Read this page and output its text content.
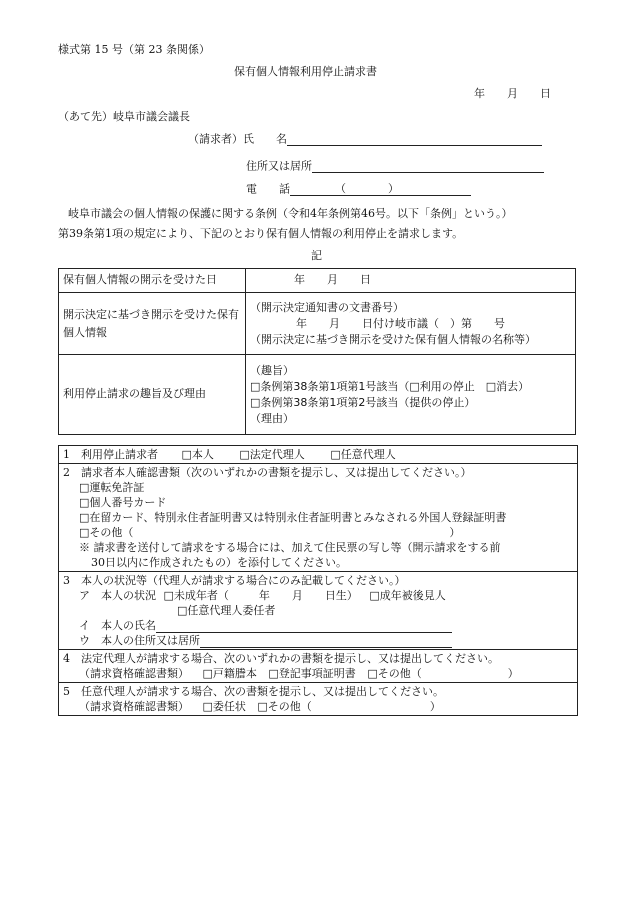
様式第 15 号（第 23 条関係）
保有個人情報利用停止請求書
年　　月　　日
（あて先）岐阜市議会議長
（請求者）氏　　名
住所又は居所
電　　話	（	）
岐阜市議会の個人情報の保護に関する条例（令和4年条例第46号。以下「条例」という。）
第39条第1項の規定により、下記のとおり保有個人情報の利用停止を請求します。
記
保有個人情報の開示を受けた日	年　　月　　日
開示決定に基づき開示を受けた保有個人情報	（開示決定通知書の文書番号）
年　　月　　日付け岐市議（　）第　　号
（開示決定に基づき開示を受けた保有個人情報の名称等）

利用停止請求の趣旨及び理由	（趣旨）
□条例第38条第1項第1号該当（□利用の停止　□消去）
□条例第38条第1項第2号該当（提供の停止）
（理由）
1　利用停止請求者 □本人 □法定代理人 □任意代理人
2　請求者本人確認書類（次のいずれかの書類を提示し、又は提出してください。）
□運転免許証
□個人番号カード
□在留カード、特別永住者証明書又は特別永住者証明書とみなされる外国人登録証明書
□その他（	）
※ 請求書を送付して請求をする場合には、加えて住民票の写し等（開示請求をする前
30日以内に作成されたもの）を添付してください。
3　本人の状況等（代理人が請求する場合にのみ記載してください。）
ア　本人の状況 □未成年者（	年　　月　　日生） □成年被後見人
□任意代理人委任者
イ　本人の氏名
ウ　本人の住所又は居所
4　法定代理人が請求する場合、次のいずれかの書類を提示し、又は提出してください。
（請求資格確認書類） □戸籍謄本 □登記事項証明書 □その他（	）
5　任意代理人が請求する場合、次の書類を提示し、又は提出してください。
（請求資格確認書類） □委任状 □その他（	）
